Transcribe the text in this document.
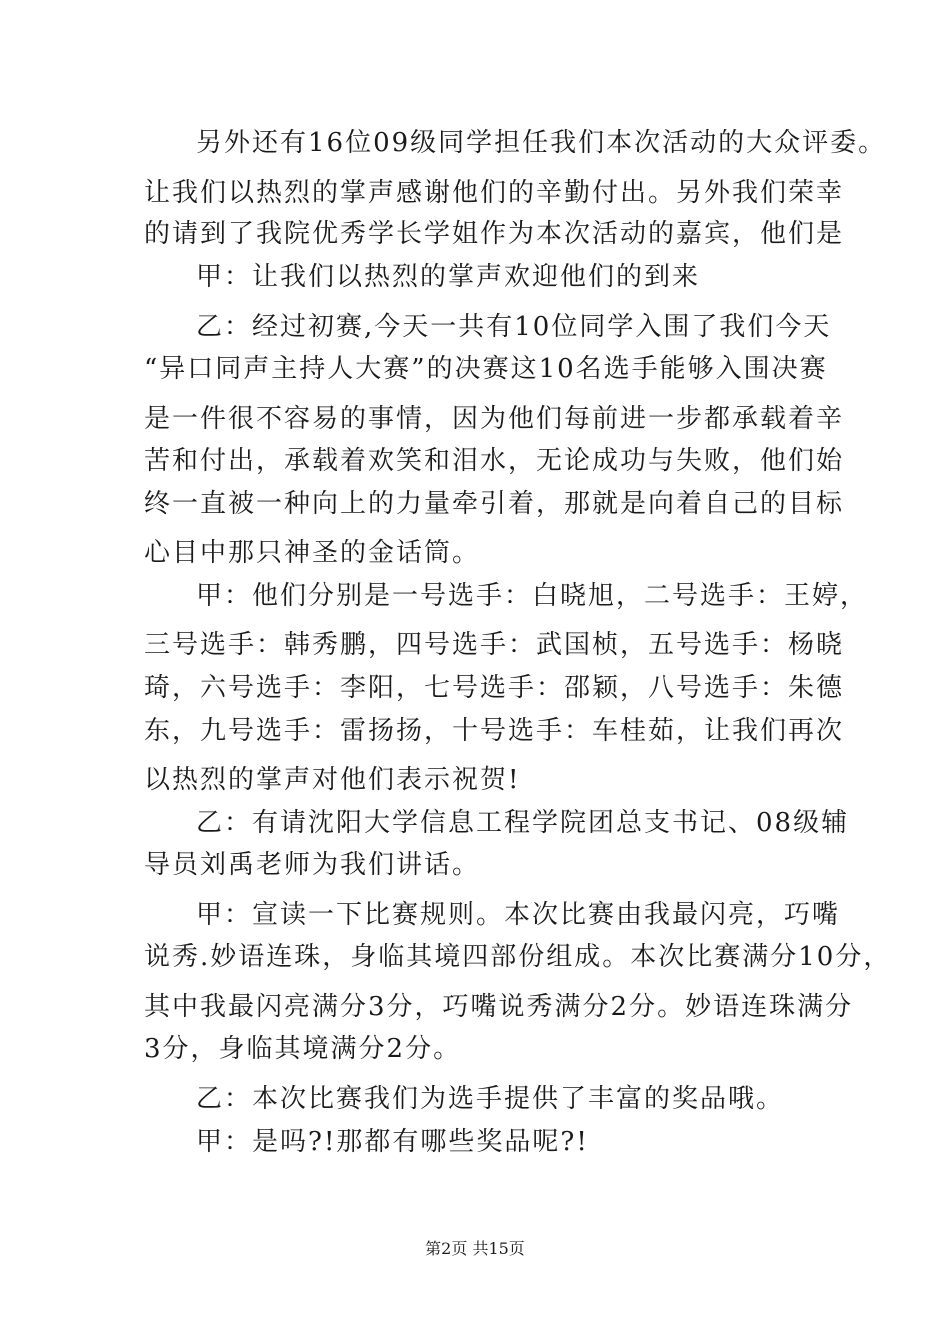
另外还有16位09级同学担任我们本次活动的大众评委。
让我们以热烈的掌声感谢他们的辛勤付出。另外我们荣幸
的请到了我院优秀学长学姐作为本次活动的嘉宾，他们是
甲：让我们以热烈的掌声欢迎他们的到来
乙：经过初赛,今天一共有10位同学入围了我们今天
“异口同声主持人大赛”的决赛这10名选手能够入围决赛
是一件很不容易的事情，因为他们每前进一步都承载着辛
苦和付出，承载着欢笑和泪水，无论成功与失败，他们始
终一直被一种向上的力量牵引着，那就是向着自己的目标
心目中那只神圣的金话筒。
甲：他们分别是一号选手：白晓旭，二号选手：王婷，
三号选手：韩秀鹏，四号选手：武国桢，五号选手：杨晓
琦，六号选手：李阳，七号选手：邵颖，八号选手：朱德
东，九号选手：雷扬扬，十号选手：车桂茹，让我们再次
以热烈的掌声对他们表示祝贺!
乙：有请沈阳大学信息工程学院团总支书记、08级辅
导员刘禹老师为我们讲话。
甲：宣读一下比赛规则。本次比赛由我最闪亮，巧嘴
说秀.妙语连珠，身临其境四部份组成。本次比赛满分10分，
其中我最闪亮满分3分，巧嘴说秀满分2分。妙语连珠满分
3分，身临其境满分2分。
乙：本次比赛我们为选手提供了丰富的奖品哦。
甲：是吗?!那都有哪些奖品呢?!
第2页 共15页
